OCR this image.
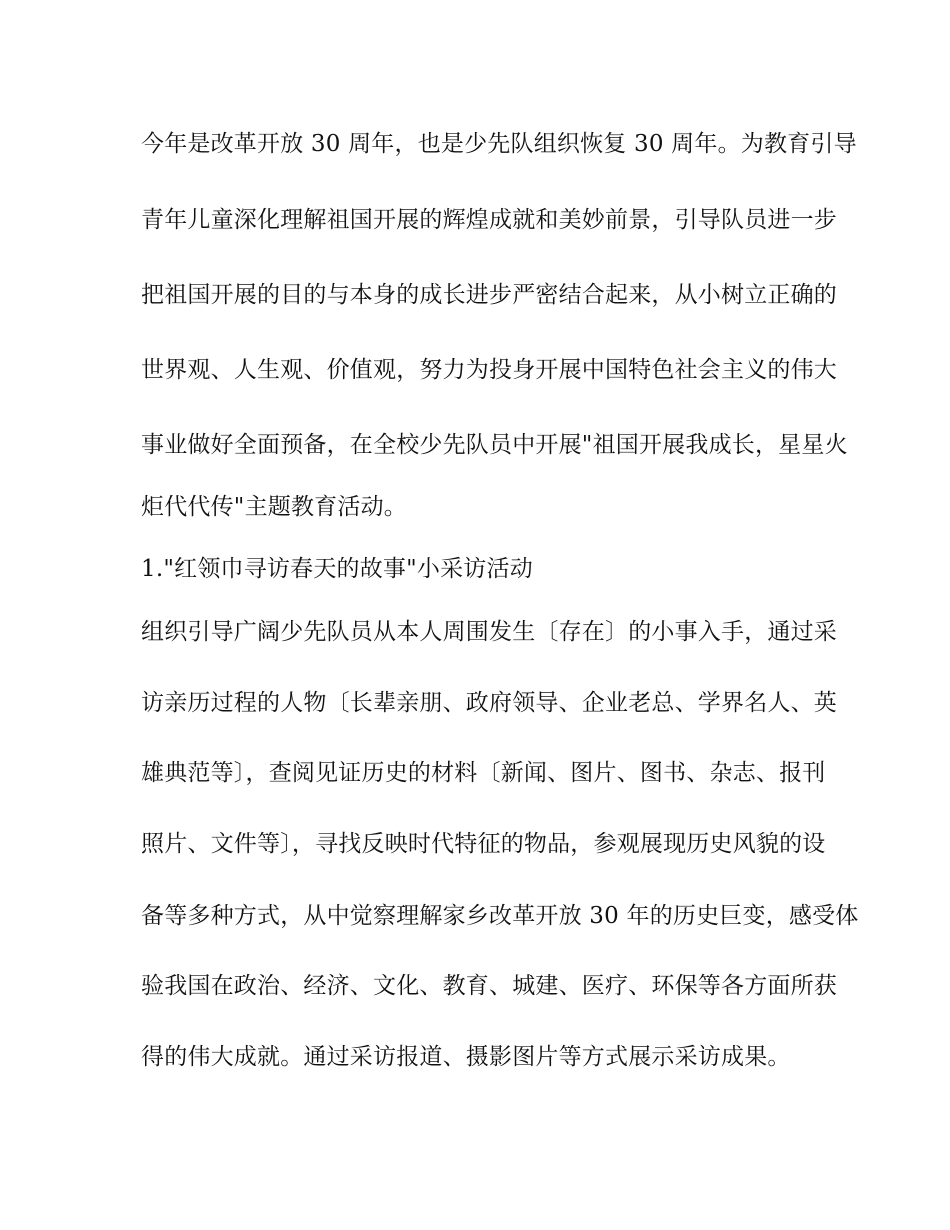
今年是改革开放 30 周年，也是少先队组织恢复 30 周年。为教育引导
青年儿童深化理解祖国开展的辉煌成就和美妙前景，引导队员进一步
把祖国开展的目的与本身的成长进步严密结合起来，从小树立正确的
世界观、人生观、价值观，努力为投身开展中国特色社会主义的伟大
事业做好全面预备，在全校少先队员中开展"祖国开展我成长，星星火
炬代代传"主题教育活动。
1."红领巾寻访春天的故事"小采访活动
组织引导广阔少先队员从本人周围发生〔存在〕的小事入手，通过采
访亲历过程的人物〔长辈亲朋、政府领导、企业老总、学界名人、英
雄典范等〕，查阅见证历史的材料〔新闻、图片、图书、杂志、报刊
照片、文件等〕，寻找反映时代特征的物品，参观展现历史风貌的设
备等多种方式，从中觉察理解家乡改革开放 30 年的历史巨变，感受体
验我国在政治、经济、文化、教育、城建、医疗、环保等各方面所获
得的伟大成就。通过采访报道、摄影图片等方式展示采访成果。
